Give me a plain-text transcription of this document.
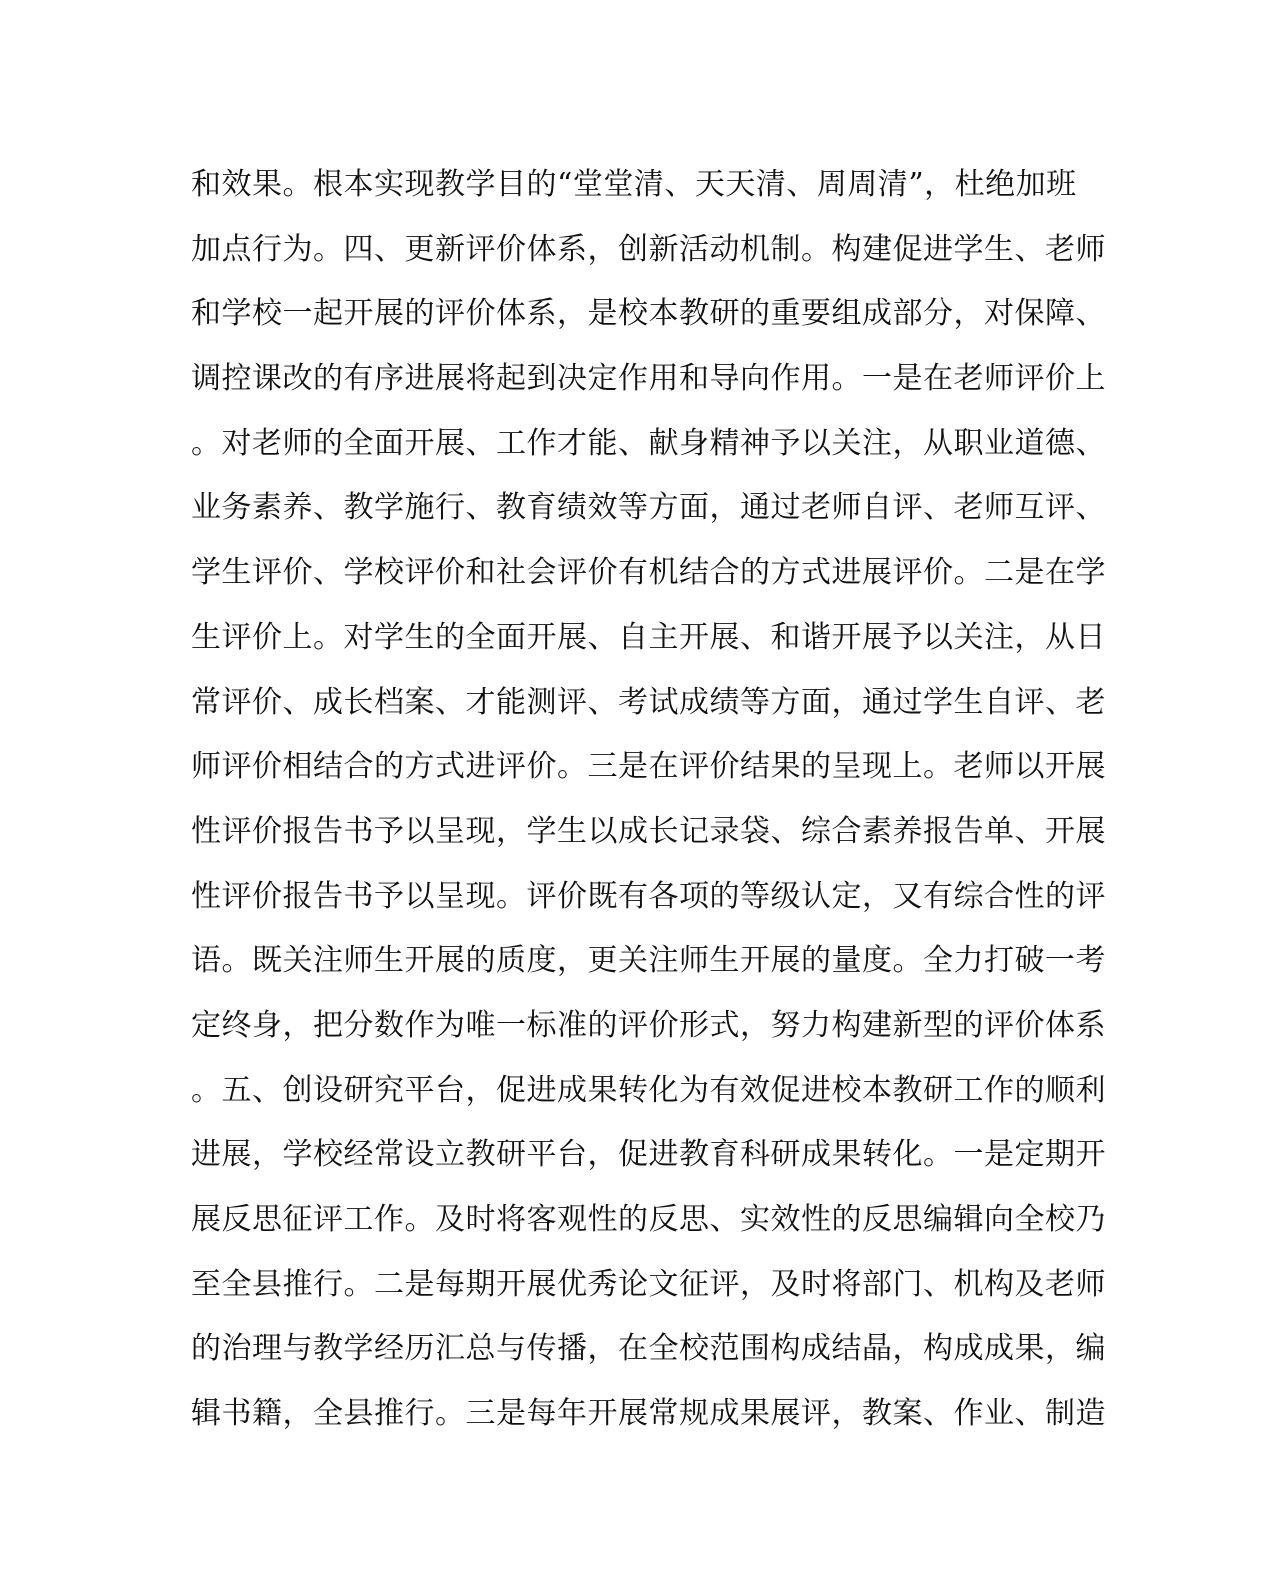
和效果。根本实现教学目的“堂堂清、天天清、周周清”，杜绝加班
加点行为。四、更新评价体系，创新活动机制。构建促进学生、老师
和学校一起开展的评价体系，是校本教研的重要组成部分，对保障、
调控课改的有序进展将起到决定作用和导向作用。一是在老师评价上
。对老师的全面开展、工作才能、献身精神予以关注，从职业道德、
业务素养、教学施行、教育绩效等方面，通过老师自评、老师互评、
学生评价、学校评价和社会评价有机结合的方式进展评价。二是在学
生评价上。对学生的全面开展、自主开展、和谐开展予以关注，从日
常评价、成长档案、才能测评、考试成绩等方面，通过学生自评、老
师评价相结合的方式进评价。三是在评价结果的呈现上。老师以开展
性评价报告书予以呈现，学生以成长记录袋、综合素养报告单、开展
性评价报告书予以呈现。评价既有各项的等级认定，又有综合性的评
语。既关注师生开展的质度，更关注师生开展的量度。全力打破一考
定终身，把分数作为唯一标准的评价形式，努力构建新型的评价体系
。五、创设研究平台，促进成果转化为有效促进校本教研工作的顺利
进展，学校经常设立教研平台，促进教育科研成果转化。一是定期开
展反思征评工作。及时将客观性的反思、实效性的反思编辑向全校乃
至全县推行。二是每期开展优秀论文征评，及时将部门、机构及老师
的治理与教学经历汇总与传播，在全校范围构成结晶，构成成果，编
辑书籍，全县推行。三是每年开展常规成果展评，教案、作业、制造
